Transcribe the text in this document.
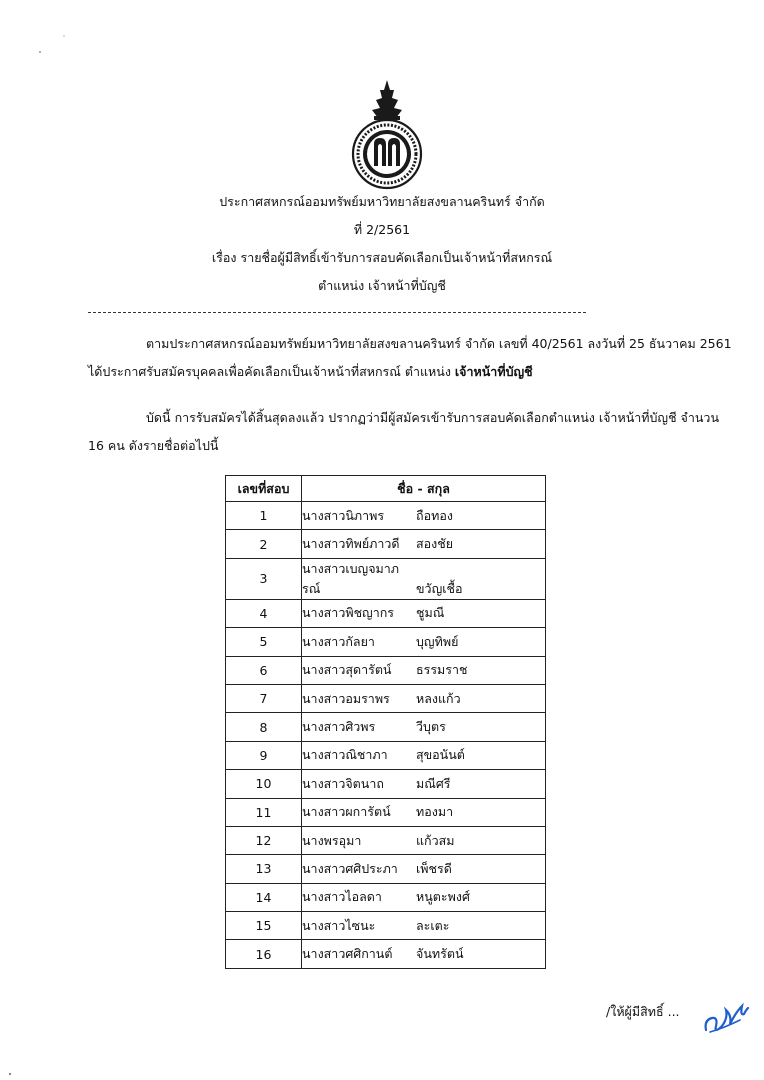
ประกาศสหกรณ์ออมทรัพย์มหาวิทยาลัยสงขลานครินทร์ จำกัด
ที่ 2/2561
เรื่อง รายชื่อผู้มีสิทธิ์เข้ารับการสอบคัดเลือกเป็นเจ้าหน้าที่สหกรณ์
ตำแหน่ง เจ้าหน้าที่บัญชี
ตามประกาศสหกรณ์ออมทรัพย์มหาวิทยาลัยสงขลานครินทร์ จำกัด เลขที่ 40/2561 ลงวันที่ 25 ธันวาคม 2561
ได้ประกาศรับสมัครบุคคลเพื่อคัดเลือกเป็นเจ้าหน้าที่สหกรณ์ ตำแหน่ง เจ้าหน้าที่บัญชี
บัดนี้ การรับสมัครได้สิ้นสุดลงแล้ว ปรากฏว่ามีผู้สมัครเข้ารับการสอบคัดเลือกตำแหน่ง เจ้าหน้าที่บัญชี จำนวน
16 คน ดังรายชื่อต่อไปนี้
เลขที่สอบ	ชื่อ - สกุล
1	นางสาวนิภาพร ถือทอง
2	นางสาวทิพย์ภาวดี สองชัย
3	นางสาวเบญจมาภรณ์ ขวัญเชื้อ
4	นางสาวพิชญากร ชูมณี
5	นางสาวกัลยา บุญทิพย์
6	นางสาวสุดารัตน์ ธรรมราช
7	นางสาวอมราพร หลงแก้ว
8	นางสาวศิวพร วีบุตร
9	นางสาวณิชาภา สุขอนันต์
10	นางสาวจิตนาถ มณีศรี
11	นางสาวผการัตน์ ทองมา
12	นางพรอุมา แก้วสม
13	นางสาวศศิประภา เพ็ชรดี
14	นางสาวไอลดา หนูตะพงศ์
15	นางสาวไซนะ ละเตะ
16	นางสาวศศิกานต์ จันทรัตน์
/ให้ผู้มีสิทธิ์ ...
